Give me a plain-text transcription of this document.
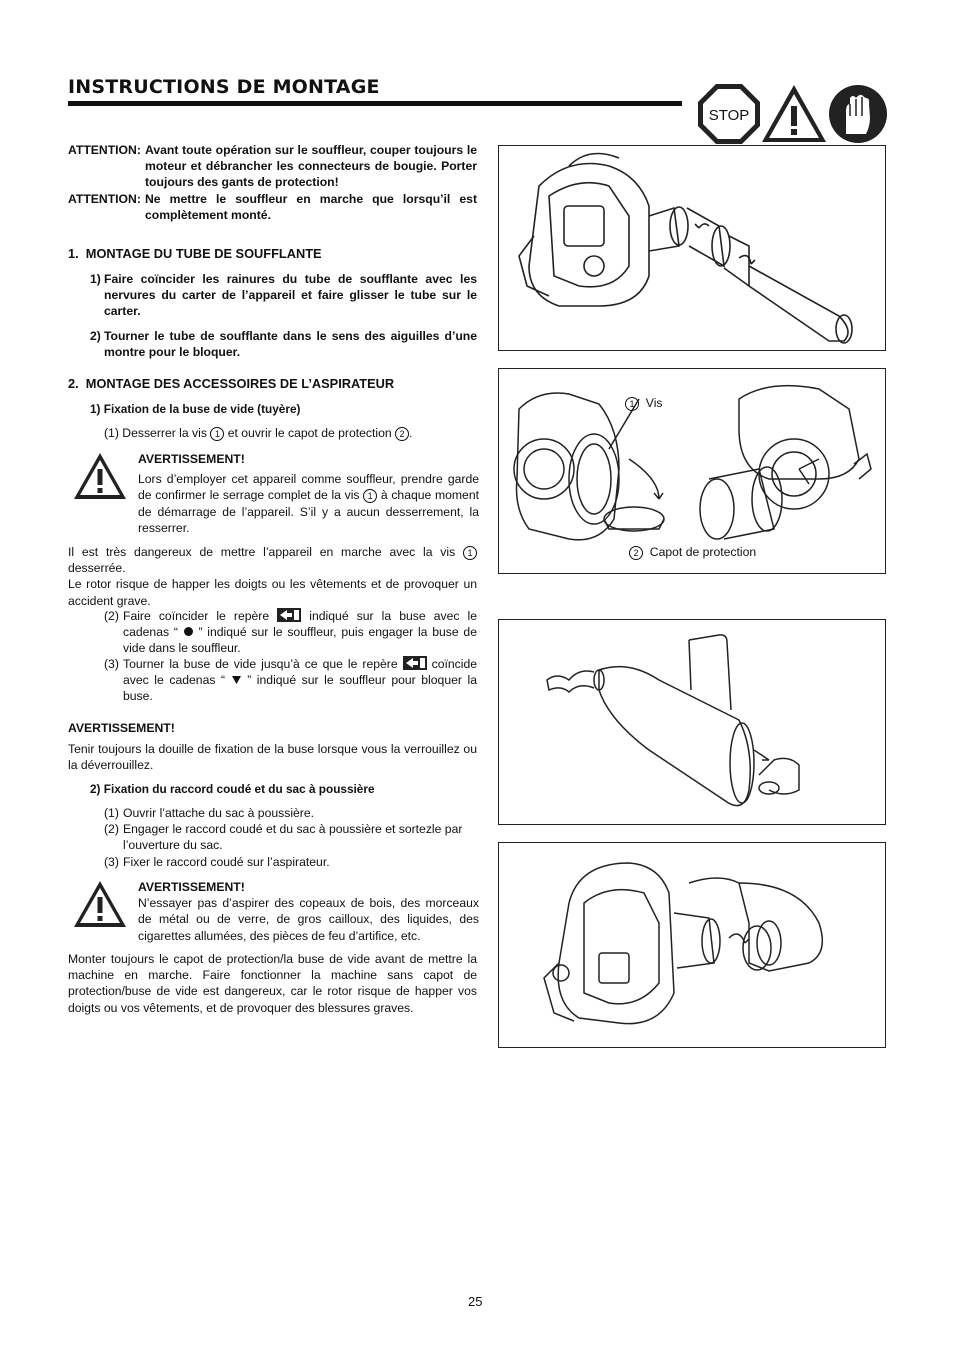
INSTRUCTIONS DE MONTAGE
STOP
ATTENTION: Avant toute opération sur le souffleur, couper toujours le moteur et débrancher les connecteurs de bougie. Porter toujours des gants de protection!
ATTENTION: Ne mettre le souffleur en marche que lorsqu’il est complètement monté.
1.  MONTAGE DU TUBE DE SOUFFLANTE
1) Faire coïncider les rainures du tube de soufflante avec les nervures du carter de l’appareil et faire glisser le tube sur le carter.
2) Tourner le tube de soufflante dans le sens des aiguilles d’une montre pour le bloquer.
2.  MONTAGE DES ACCESSOIRES DE L’ASPIRATEUR
1) Fixation de la buse de vide (tuyère)
(1) Desserrer la vis 1 et ouvrir le capot de protection 2 .
AVERTISSEMENT!
Lors d’employer cet appareil comme souffleur, prendre garde de confirmer le serrage complet de la vis 1 à chaque moment de démarrage de l’appareil. S’il y a aucun desserrement, la resserrer.
Il est très dangereux de mettre l’appareil en marche avec la vis 1 desserrée.
Le rotor risque de happer les doigts ou les vêtements et de provoquer un accident grave.
(2) Faire coïncider le repère  indiqué sur la buse avec le cadenas “  ” indiqué sur le souffleur, puis engager la buse de vide dans le souffleur.
(3) Tourner la buse de vide jusqu’à ce que le repère  coïncide avec le cadenas “  ” indiqué sur le souffleur pour bloquer la buse.
AVERTISSEMENT!
Tenir toujours la douille de fixation de la buse lorsque vous la verrouillez ou la déverrouillez.
2) Fixation du raccord coudé et du sac à poussière
(1) Ouvrir l’attache du sac à poussière.
(2) Engager le raccord coudé et du sac à poussière et sortezle par l’ouverture du sac.
(3) Fixer le raccord coudé sur l’aspirateur.
AVERTISSEMENT!
N’essayer pas d’aspirer des copeaux de bois, des morceaux de métal ou de verre, de gros cailloux, des liquides, des cigarettes allumées, des pièces de feu d’artifice, etc.
Monter toujours le capot de protection/la buse de vide avant de mettre la machine en marche. Faire fonctionner la machine sans capot de protection/buse de vide est dangereux, car le rotor risque de happer vos doigts ou vos vêtements, et de provoquer des blessures graves.
1 Vis
2 Capot de protection
25
